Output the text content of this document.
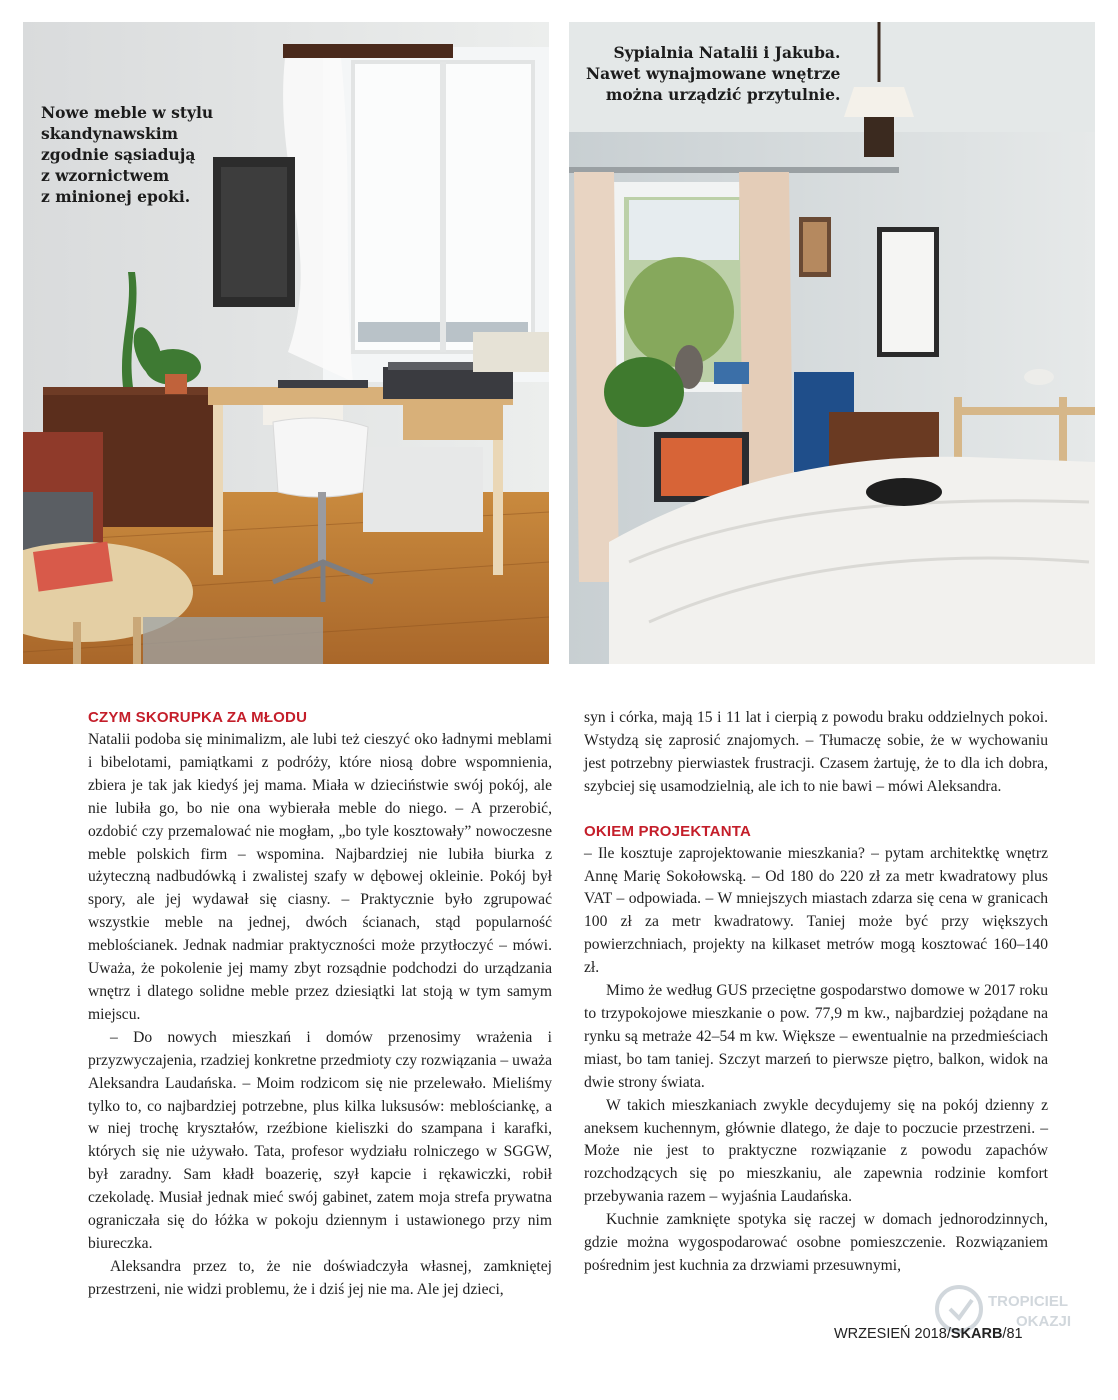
Nowe meble w stylu
skandynawskim
zgodnie sąsiadują
z wzornictwem
z minionej epoki.
Sypialnia Natalii i Jakuba.
Nawet wynajmowane wnętrze
można urządzić przytulnie.
CZYM SKORUPKA ZA MŁODU

Natalii podoba się minimalizm, ale lubi też cieszyć oko ładnymi meblami i bibelotami, pamiątkami z podróży, które niosą dobre wspomnienia, zbiera je tak jak kiedyś jej mama. Miała w dzieciństwie swój pokój, ale nie lubiła go, bo nie ona wybierała meble do niego. – A przerobić, ozdobić czy przemalować nie mogłam, „bo tyle kosztowały” nowoczesne meble polskich firm – wspomina. Najbardziej nie lubiła biurka z użyteczną nadbudówką i zwalistej szafy w dębowej okleinie. Pokój był spory, ale jej wydawał się ciasny. – Praktycznie było zgrupować wszystkie meble na jednej, dwóch ścianach, stąd popularność meblościanek. Jednak nadmiar praktyczności może przytłoczyć – mówi. Uważa, że pokolenie jej mamy zbyt rozsądnie podchodzi do urządzania wnętrz i dlatego solidne meble przez dziesiątki lat stoją w tym samym miejscu.

– Do nowych mieszkań i domów przenosimy wrażenia i przyzwyczajenia, rzadziej konkretne przedmioty czy rozwiązania – uważa Aleksandra Laudańska. – Moim rodzicom się nie przelewało. Mieliśmy tylko to, co najbardziej potrzebne, plus kilka luksusów: meblościankę, a w niej trochę kryształów, rzeźbione kieliszki do szampana i karafki, których się nie używało. Tata, profesor wydziału rolniczego w SGGW, był zaradny. Sam kładł boazerię, szył kapcie i rękawiczki, robił czekoladę. Musiał jednak mieć swój gabinet, zatem moja strefa prywatna ograniczała się do łóżka w pokoju dziennym i ustawionego przy nim biureczka.

Aleksandra przez to, że nie doświadczyła własnej, zamkniętej przestrzeni, nie widzi problemu, że i dziś jej nie ma. Ale jej dzieci,

syn i córka, mają 15 i 11 lat i cierpią z powodu braku oddzielnych pokoi. Wstydzą się zaprosić znajomych. – Tłumaczę sobie, że w wychowaniu jest potrzebny pierwiastek frustracji. Czasem żartuję, że to dla ich dobra, szybciej się usamodzielnią, ale ich to nie bawi – mówi Aleksandra.

OKIEM PROJEKTANTA

– Ile kosztuje zaprojektowanie mieszkania? – pytam architektkę wnętrz Annę Marię Sokołowską. – Od 180 do 220 zł za metr kwadratowy plus VAT – odpowiada. – W mniejszych miastach zdarza się cena w granicach 100 zł za metr kwadratowy. Taniej może być przy większych powierzchniach, projekty na kilkaset metrów mogą kosztować 160–140 zł.

Mimo że według GUS przeciętne gospodarstwo domowe w 2017 roku to trzypokojowe mieszkanie o pow. 77,9 m kw., najbardziej pożądane na rynku są metraże 42–54 m kw. Większe – ewentualnie na przedmieściach miast, bo tam taniej. Szczyt marzeń to pierwsze piętro, balkon, widok na dwie strony świata.

W takich mieszkaniach zwykle decydujemy się na pokój dzienny z aneksem kuchennym, głównie dlatego, że daje to poczucie przestrzeni. – Może nie jest to praktyczne rozwiązanie z powodu zapachów rozchodzących się po mieszkaniu, ale zapewnia rodzinie komfort przebywania razem – wyjaśnia Laudańska.

Kuchnie zamknięte spotyka się raczej w domach jednorodzinnych, gdzie można wygospodarować osobne pomieszczenie. Rozwiązaniem pośrednim jest kuchnia za drzwiami przesuwnymi,

TROPICIEL
OKAZJI
WRZESIEŃ 2018/SKARB/81
